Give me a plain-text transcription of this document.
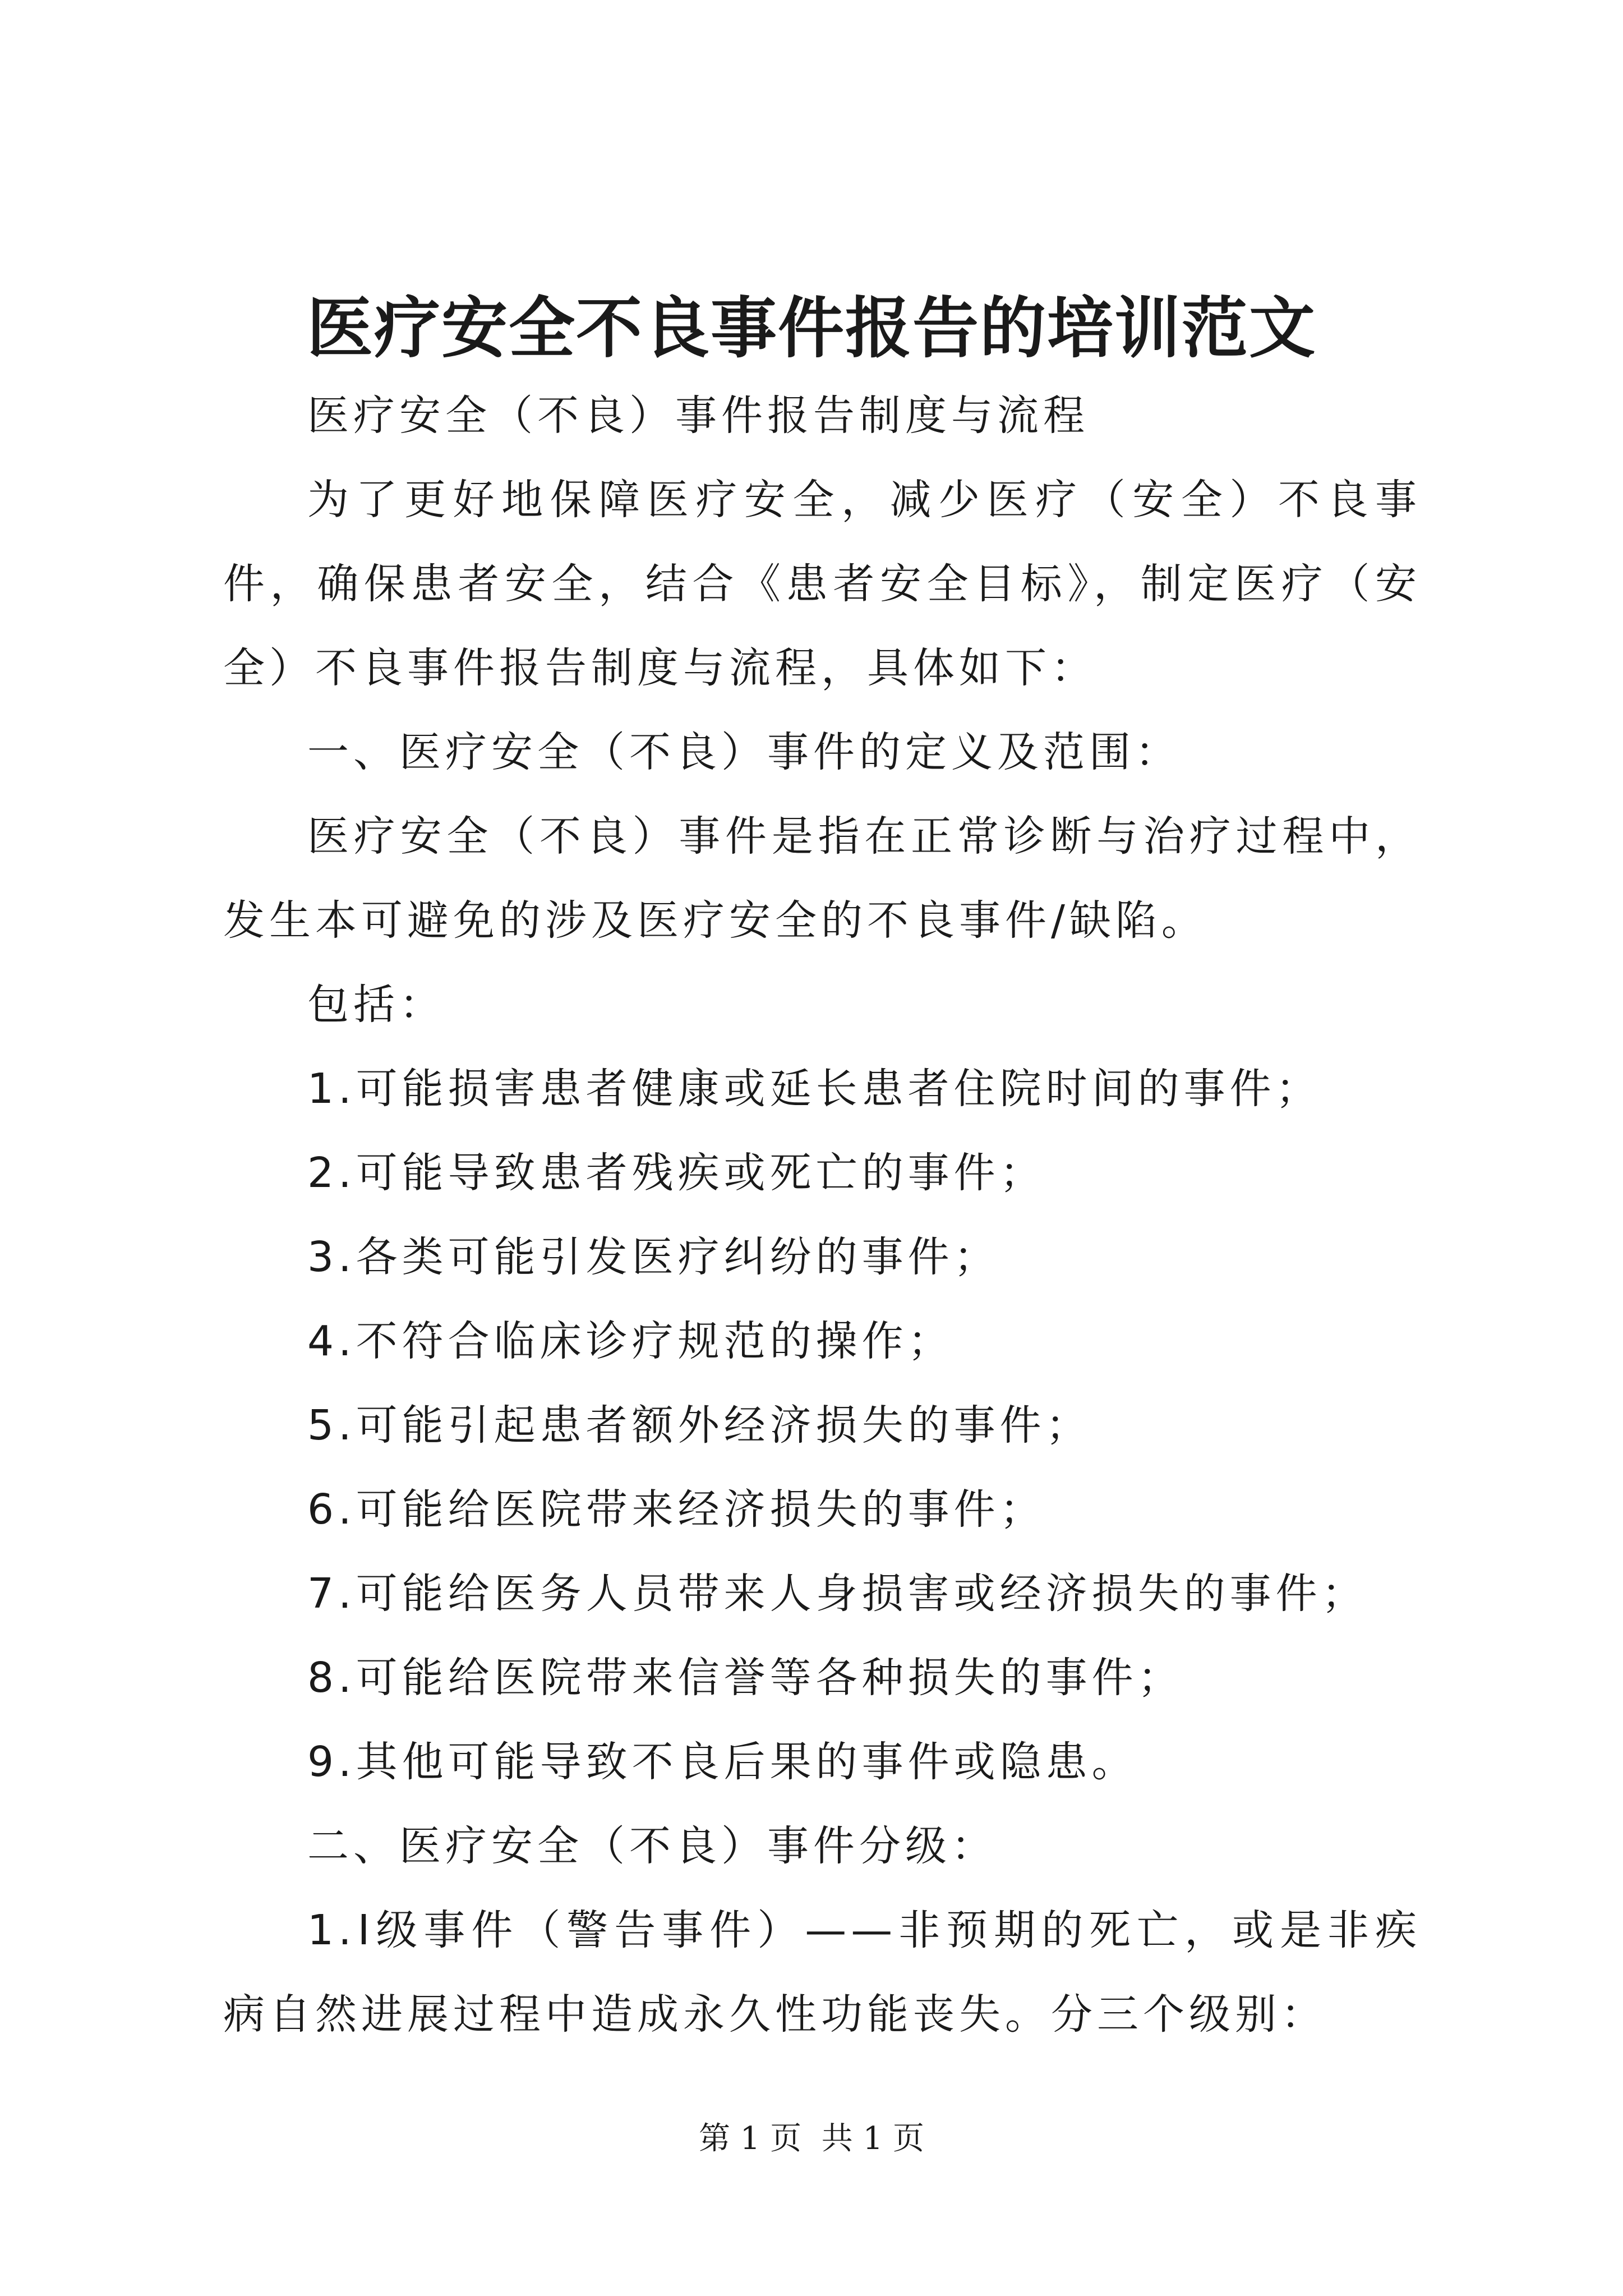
医疗安全不良事件报告的培训范文

医疗安全（不良）事件报告制度与流程

为了更好地保障医疗安全，减少医疗（安全）不良事件，确保患者安全，结合《患者安全目标》，制定医疗（安全）不良事件报告制度与流程，具体如下：

一、医疗安全（不良）事件的定义及范围：

医疗安全（不良）事件是指在正常诊断与治疗过程中，发生本可避免的涉及医疗安全的不良事件/缺陷。

包括：

1.可能损害患者健康或延长患者住院时间的事件；

2.可能导致患者残疾或死亡的事件；

3.各类可能引发医疗纠纷的事件；

4.不符合临床诊疗规范的操作；

5.可能引起患者额外经济损失的事件；

6.可能给医院带来经济损失的事件；

7.可能给医务人员带来人身损害或经济损失的事件；

8.可能给医院带来信誉等各种损失的事件；

9.其他可能导致不良后果的事件或隐患。

二、医疗安全（不良）事件分级：

1.Ⅰ级事件（警告事件）——非预期的死亡，或是非疾病自然进展过程中造成永久性功能丧失。分三个级别：

第 1 页  共 1 页
